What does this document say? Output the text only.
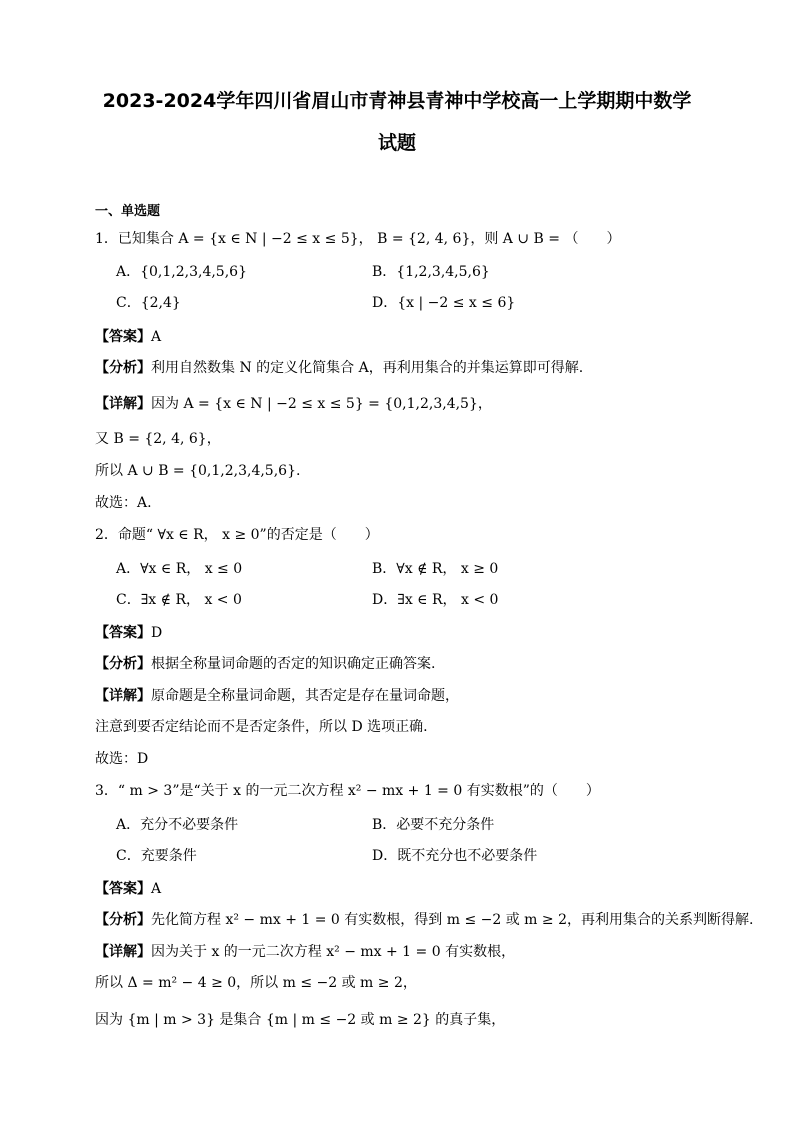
2023-2024学年四川省眉山市青神县青神中学校高一上学期期中数学
试题
一、单选题
1．已知集合 A = {x ∈ N | −2 ≤ x ≤ 5}， B = {2, 4, 6}，则 A ∪ B = （　　）
A．{0,1,2,3,4,5,6}	B．{1,2,3,4,5,6}
C．{2,4}	D．{x | −2 ≤ x ≤ 6}
【答案】A
【分析】利用自然数集 N 的定义化简集合 A，再利用集合的并集运算即可得解.
【详解】因为 A = {x ∈ N | −2 ≤ x ≤ 5} = {0,1,2,3,4,5}，
又 B = {2, 4, 6}，
所以 A ∪ B = {0,1,2,3,4,5,6}.
故选：A.
2．命题“ ∀x ∈ R， x ≥ 0”的否定是（　　）
A．∀x ∈ R， x ≤ 0	B．∀x ∉ R， x ≥ 0
C．∃x ∉ R， x < 0	D．∃x ∈ R， x < 0
【答案】D
【分析】根据全称量词命题的否定的知识确定正确答案.
【详解】原命题是全称量词命题，其否定是存在量词命题，
注意到要否定结论而不是否定条件，所以 D 选项正确.
故选：D
3．“ m > 3”是“关于 x 的一元二次方程 x² − mx + 1 = 0 有实数根”的（　　）
A．充分不必要条件	B．必要不充分条件
C．充要条件	D．既不充分也不必要条件
【答案】A
【分析】先化简方程 x² − mx + 1 = 0 有实数根，得到 m ≤ −2 或 m ≥ 2，再利用集合的关系判断得解.
【详解】因为关于 x 的一元二次方程 x² − mx + 1 = 0 有实数根，
所以 Δ = m² − 4 ≥ 0，所以 m ≤ −2 或 m ≥ 2，
因为 {m | m > 3} 是集合 {m | m ≤ −2 或 m ≥ 2} 的真子集，
